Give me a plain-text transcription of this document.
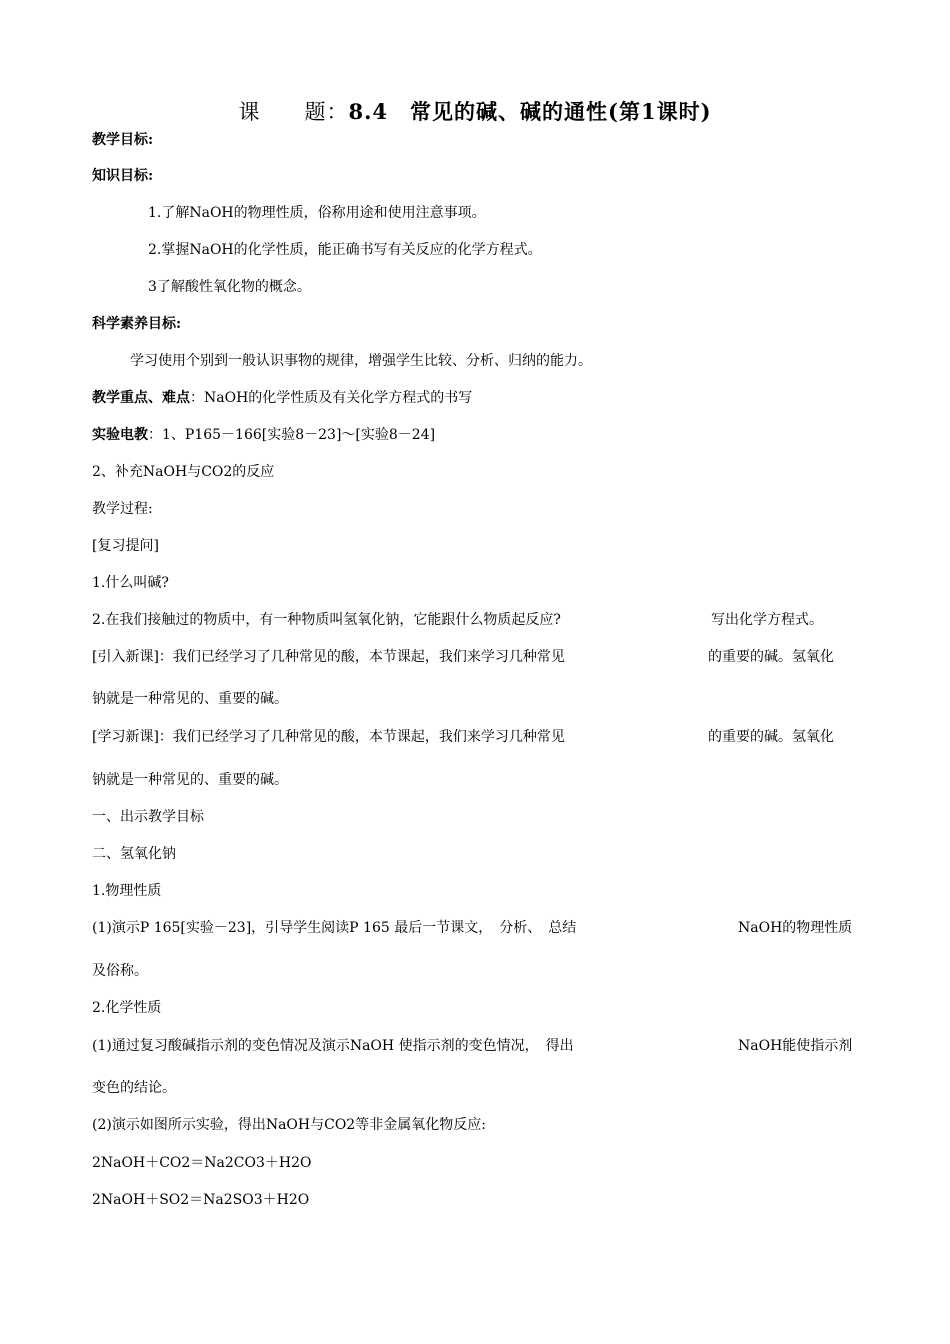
课　　题：8.4　常见的碱、碱的通性(第1课时)
教学目标:
知识目标:
1.了解NaOH的物理性质，俗称用途和使用注意事项。
2.掌握NaOH的化学性质，能正确书写有关反应的化学方程式。
3了解酸性氧化物的概念。
科学素养目标:
学习使用个别到一般认识事物的规律，增强学生比较、分析、归纳的能力。
教学重点、难点：NaOH的化学性质及有关化学方程式的书写
实验电教：1、P165－166[实验8－23]～[实验8－24]
2、补充NaOH与CO2的反应
教学过程:
[复习提问]
1.什么叫碱?
2.在我们接触过的物质中，有一种物质叫氢氧化钠，它能跟什么物质起反应?	写出化学方程式。
[引入新课]：我们已经学习了几种常见的酸，本节课起，我们来学习几种常见	的重要的碱。氢氧化
钠就是一种常见的、重要的碱。
[学习新课]：我们已经学习了几种常见的酸，本节课起，我们来学习几种常见	的重要的碱。氢氧化
钠就是一种常见的、重要的碱。
一、出示教学目标
二、氢氧化钠
1.物理性质
(1)演示P 165[实验－23]，引导学生阅读P 165 最后一节课文，　分析、　总结	NaOH的物理性质
及俗称。
2.化学性质
(1)通过复习酸碱指示剂的变色情况及演示NaOH 使指示剂的变色情况，　得出	NaOH能使指示剂
变色的结论。
(2)演示如图所示实验，得出NaOH与CO2等非金属氧化物反应:
2NaOH＋CO2＝Na2CO3＋H2O
2NaOH＋SO2＝Na2SO3＋H2O
